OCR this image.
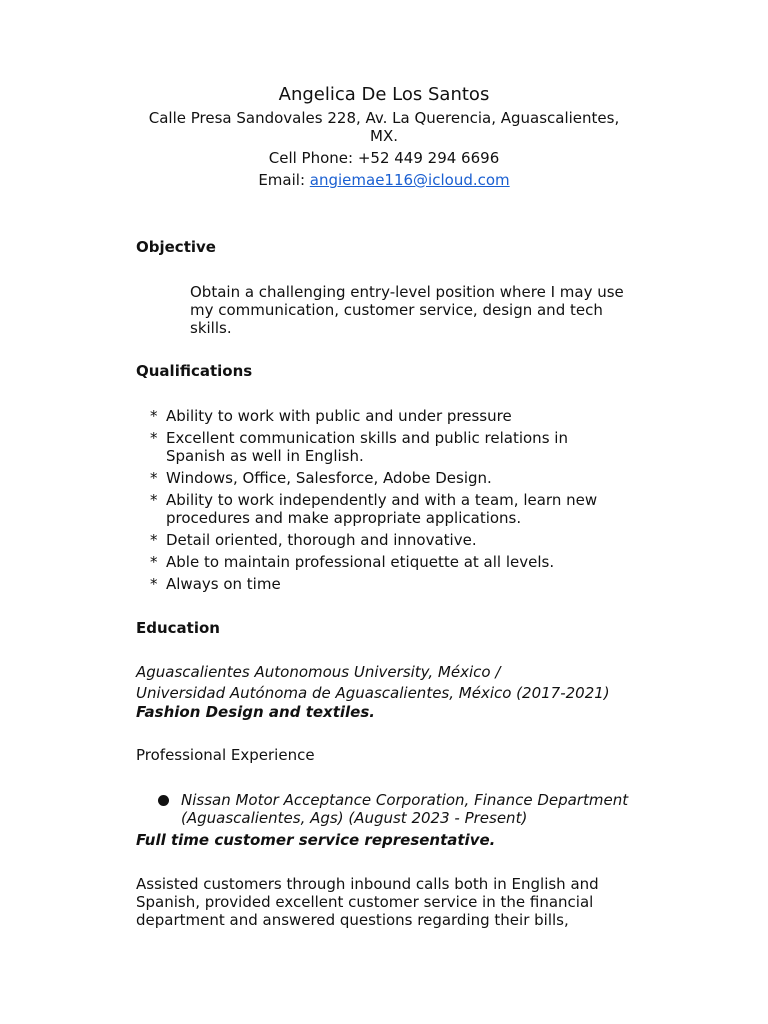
Angelica De Los Santos
Calle Presa Sandovales 228, Av. La Querencia, Aguascalientes,
MX.
Cell Phone: +52 449 294 6696
Email: angiemae116@icloud.com
Objective
Obtain a challenging entry-level position where I may use my communication, customer service, design and tech skills.
Qualifications
* Ability to work with public and under pressure
* Excellent communication skills and public relations in Spanish as well in English.
* Windows, Office, Salesforce, Adobe Design.
* Ability to work independently and with a team, learn new procedures and make appropriate applications.
* Detail oriented, thorough and innovative.
* Able to maintain professional etiquette at all levels.
* Always on time
Education
Aguascalientes Autonomous University, México /
Universidad Autónoma de Aguascalientes, México (2017-2021)
Fashion Design and textiles.
Professional Experience
Nissan Motor Acceptance Corporation, Finance Department (Aguascalientes, Ags) (August 2023 - Present)
Full time customer service representative.
Assisted customers through inbound calls both in English and Spanish, provided excellent customer service in the financial department and answered questions regarding their bills,
